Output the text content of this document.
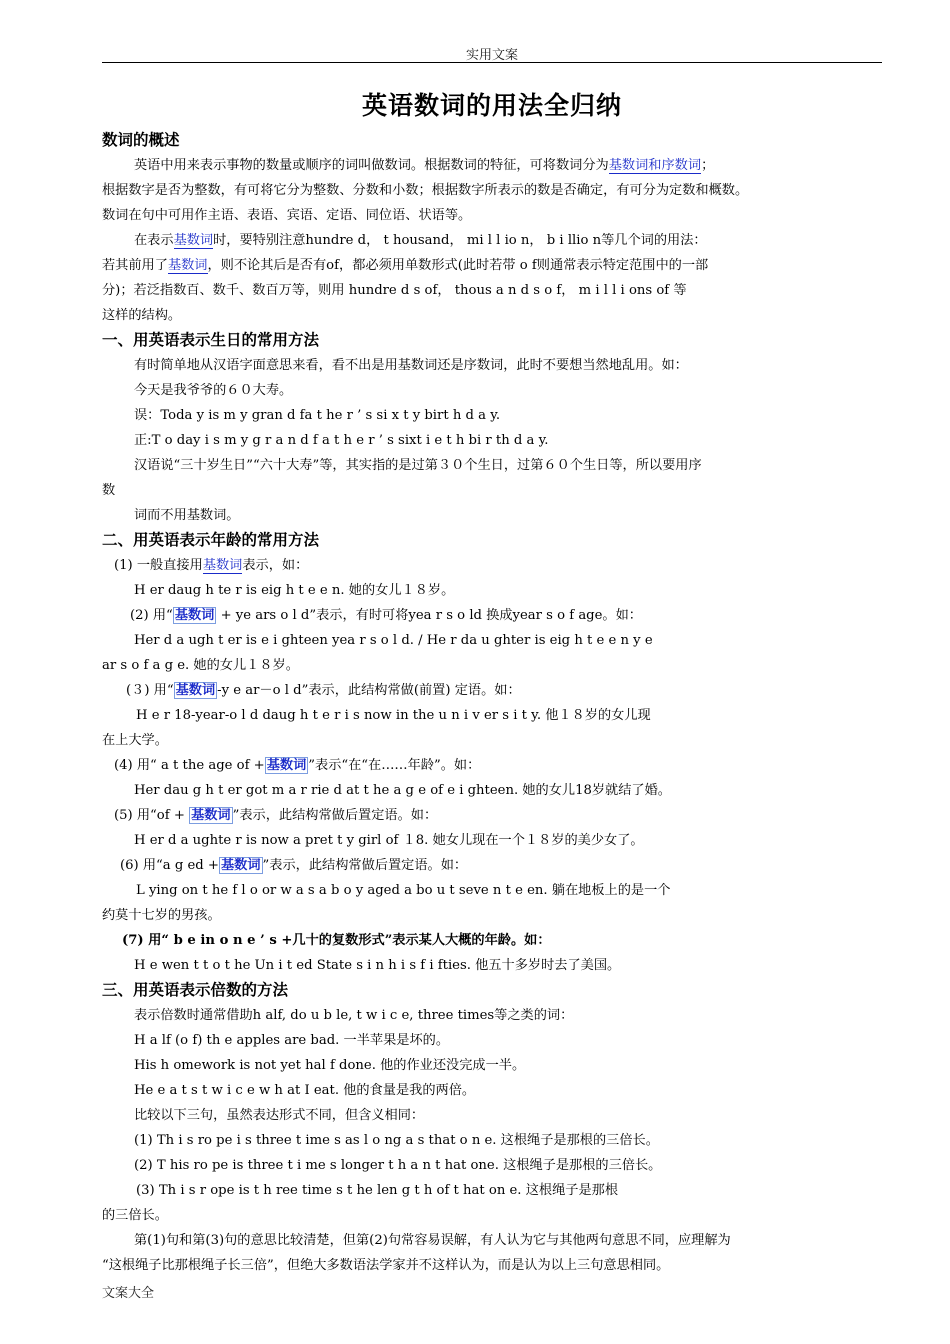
实用文案
英语数词的用法全归纳

数词的概述

英语中用来表示事物的数量或顺序的词叫做数词。根据数词的特征，可将数词分为基数词和序数词；

根据数字是否为整数，有可将它分为整数、分数和小数；根据数字所表示的数是否确定，有可分为定数和概数。

数词在句中可用作主语、表语、宾语、定语、同位语、状语等。

在表示基数词时，要特别注意hundre d， t housand， mi l l io n， b i llio n等几个词的用法：

若其前用了基数词，则不论其后是否有of，都必须用单数形式(此时若带 o f则通常表示特定范围中的一部

分)；若泛指数百、数千、数百万等，则用 hundre d s of， thous a n d s o f， m i l l i ons of 等

这样的结构。

一、用英语表示生日的常用方法

有时简单地从汉语字面意思来看，看不出是用基数词还是序数词，此时不要想当然地乱用。如：

今天是我爷爷的６０大寿。

误：Toda y is m y gran d fa t he r ’ s si x t y birt h d a y.

正:T o day i s m y g r a n d f a t h e r ’ s sixt i e t h bi r th d a y.

汉语说“三十岁生日”“六十大寿”等，其实指的是过第３０个生日，过第６０个生日等，所以要用序

数

词而不用基数词。

二、用英语表示年龄的常用方法

(1) 一般直接用基数词表示，如：

H er daug h te r is eig h t e e n. 她的女儿１８岁。

(2) 用“ 基数词 + ye ars o l d”表示，有时可将yea r s o ld 换成year s o f age。如：

Her d a ugh t er is e i ghteen yea r s o l d. / He r da u ghter is eig h t e e n y e

ar s o f a g e. 她的女儿１８岁。

(３) 用“ 基数词 -y e ar－o l d”表示，此结构常做(前置) 定语。如：

H e r 18-year-o l d daug h t e r i s now in the u n i v er s i t y. 他１８岁的女儿现

在上大学。

(4) 用“ a t the age of + 基数词 ”表示“在“在……年龄”。如：

Her dau g h t er got m a r rie d at t he a g e of e i ghteen. 她的女儿18岁就结了婚。

(5) 用“of + 基数词 ”表示，此结构常做后置定语。如：

H er d a ughte r is now a pret t y girl of １8. 她女儿现在一个１８岁的美少女了。

(6) 用“a g ed + 基数词 ”表示，此结构常做后置定语。如：

L ying on t he f l o or w a s a b o y aged a bo u t seve n t e en. 躺在地板上的是一个

约莫十七岁的男孩。

(7) 用“ b e in o n e ’ s +几十的复数形式”表示某人大概的年龄。如：

H e wen t t o t he Un i t ed State s i n h i s f i fties. 他五十多岁时去了美国。

三、用英语表示倍数的方法

表示倍数时通常借助h alf, do u b le, t w i c e, three times等之类的词：

H a lf (o f) th e apples are bad. 一半苹果是坏的。

His h omework is not yet hal f done. 他的作业还没完成一半。

He e a t s t w i c e w h at I eat. 他的食量是我的两倍。

比较以下三句，虽然表达形式不同，但含义相同：

(1) Th i s ro pe i s three t ime s as l o ng a s that o n e. 这根绳子是那根的三倍长。

(2) T his ro pe is three t i me s longer t h a n t hat one. 这根绳子是那根的三倍长。

(3) Th i s r ope is t h ree time s t he len g t h of t hat on e. 这根绳子是那根

的三倍长。

第(1)句和第(3)句的意思比较清楚，但第(2)句常容易误解，有人认为它与其他两句意思不同，应理解为

“这根绳子比那根绳子长三倍”，但绝大多数语法学家并不这样认为，而是认为以上三句意思相同。

文案大全
